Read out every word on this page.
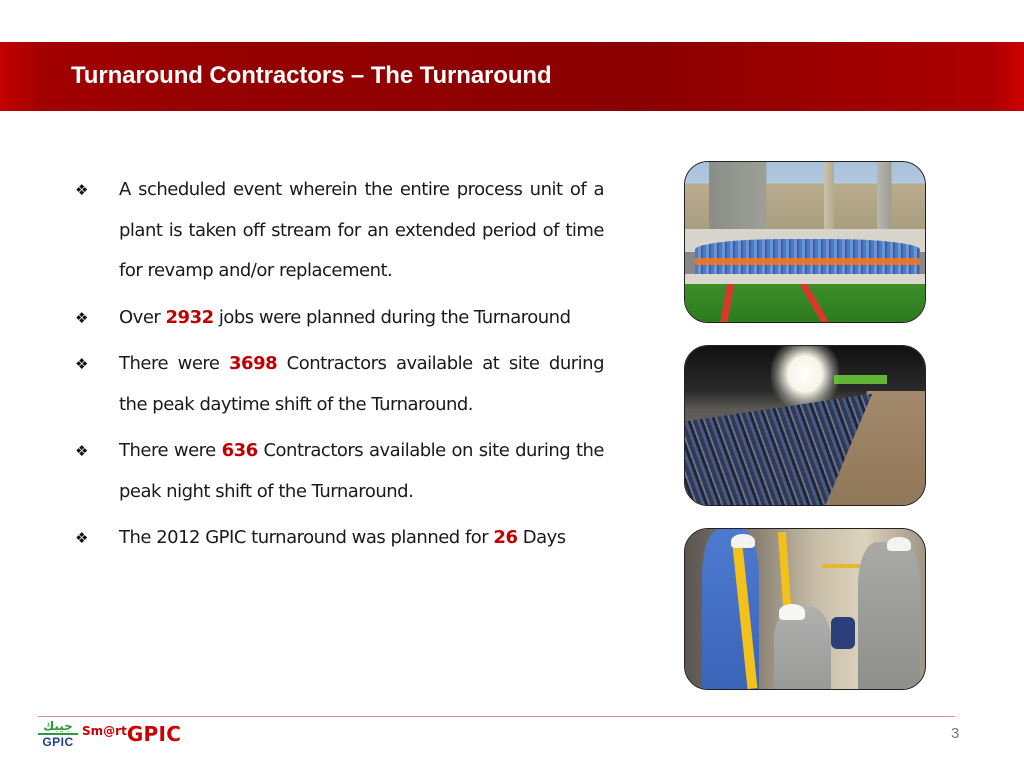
Turnaround Contractors – The Turnaround
❖ A scheduled event wherein the entire process unit of a plant is taken off stream for an extended period of time for revamp and/or replacement.
❖ Over 2932 jobs were planned during the Turnaround
❖ There were 3698 Contractors available at site during the peak daytime shift of the Turnaround.
❖ There were 636 Contractors available on site during the peak night shift of the Turnaround.
❖ The 2012 GPIC turnaround was planned for 26 Days
جيبك
GPIC
$^{Sm@rt}$GPIC	3
